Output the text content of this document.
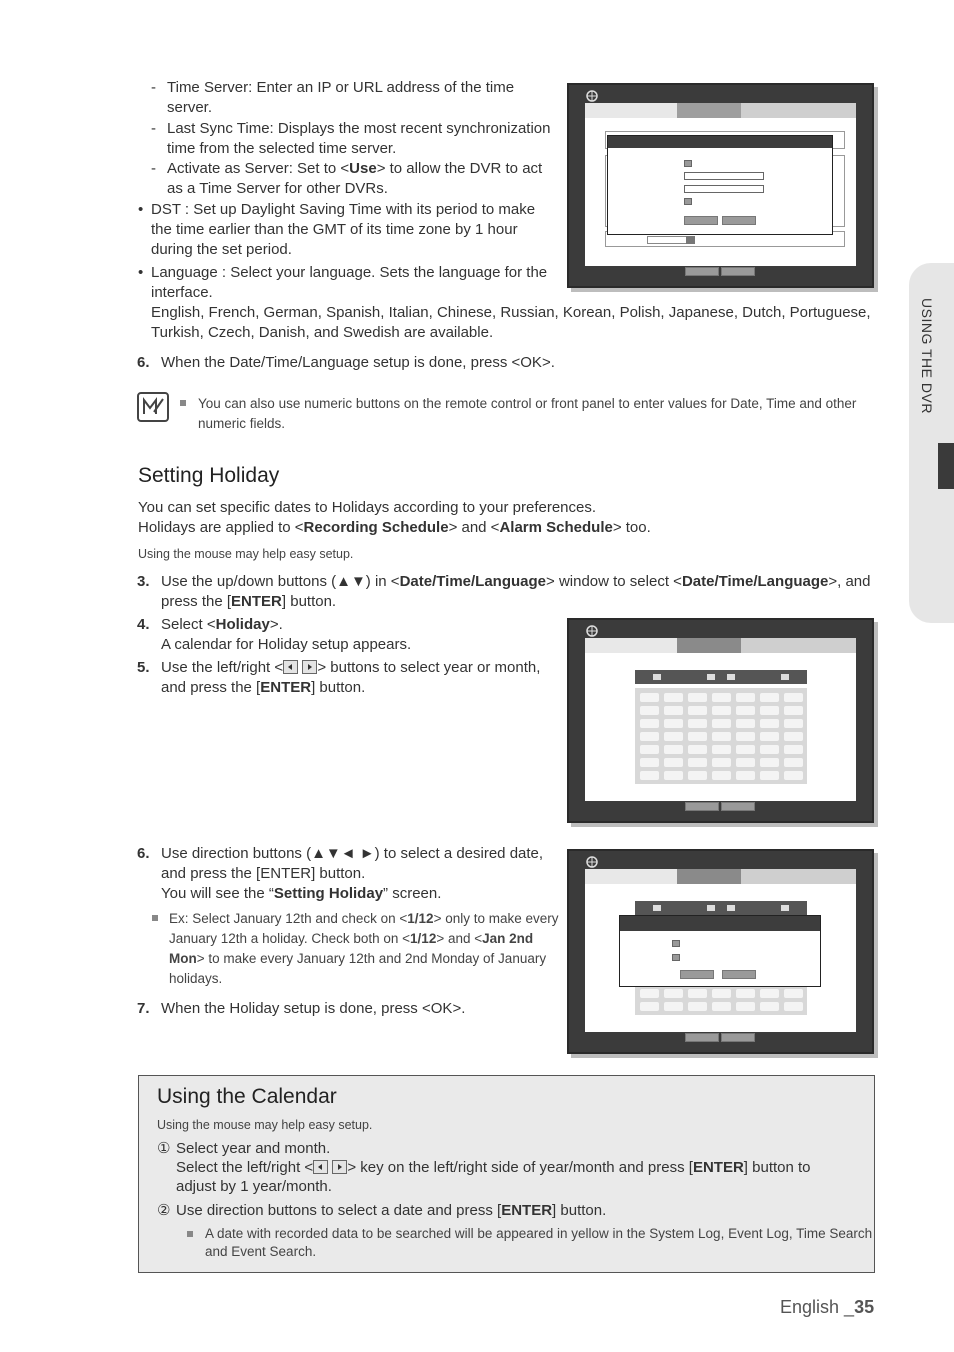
USING THE DVR
- Time Server: Enter an IP or URL address of the time
server.
- Last Sync Time: Displays the most recent synchronization
time from the selected time server.
- Activate as Server: Set to <Use> to allow the DVR to act
as a Time Server for other DVRs.
• DST : Set up Daylight Saving Time with its period to make
the time earlier than the GMT of its time zone by 1 hour
during the set period.
• Language : Select your language. Sets the language for the
interface.
English, French, German, Spanish, Italian, Chinese, Russian, Korean, Polish, Japanese, Dutch, Portuguese,
Turkish, Czech, Danish, and Swedish are available.
6. When the Date/Time/Language setup is done, press <OK>.
You can also use numeric buttons on the remote control or front panel to enter values for Date, Time and other
numeric fields.
Setting Holiday
You can set specific dates to Holidays according to your preferences.
Holidays are applied to <Recording Schedule> and <Alarm Schedule> too.
Using the mouse may help easy setup.
3. Use the up/down buttons (▲▼) in <Date/Time/Language> window to select <Date/Time/Language>, and
press the [ENTER] button.
4. Select <Holiday>.
A calendar for Holiday setup appears.
5. Use the left/right <
> buttons to select year or month,
and press the [ENTER] button.
6. Use direction buttons (▲▼◄ ►) to select a desired date,
and press the [ENTER] button.
You will see the “Setting Holiday” screen.
Ex: Select January 12th and check on <1/12> only to make every
January 12th a holiday. Check both on <1/12> and <Jan 2nd
Mon> to make every January 12th and 2nd Monday of January
holidays.
7. When the Holiday setup is done, press <OK>.
Using the Calendar
Using the mouse may help easy setup.
① Select year and month.
Select the left/right <
> key on the left/right side of year/month and press [ENTER] button to
adjust by 1 year/month.
② Use direction buttons to select a date and press [ENTER] button.
A date with recorded data to be searched will be appeared in yellow in the System Log, Event Log, Time Search
and Event Search.
English _35
